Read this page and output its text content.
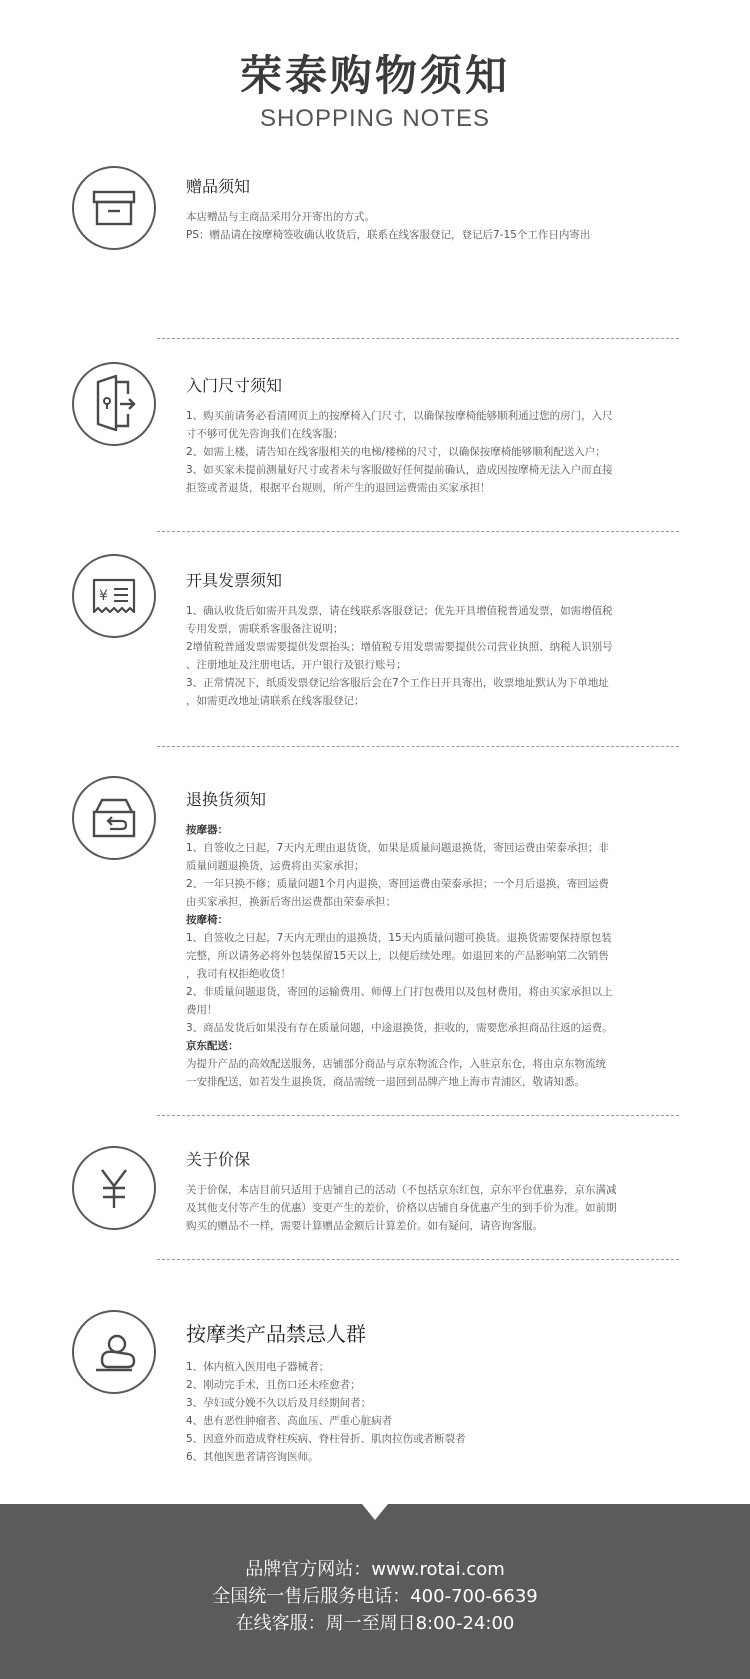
荣泰购物须知
SHOPPING NOTES
赠品须知
本店赠品与主商品采用分开寄出的方式。
PS：赠品请在按摩椅签收确认收货后，联系在线客服登记，登记后7-15个工作日内寄出
入门尺寸须知
1、购买前请务必看清网页上的按摩椅入门尺寸，以确保按摩椅能够顺利通过您的房门，入尺
寸不够可优先咨询我们在线客服；
2、如需上楼，请告知在线客服相关的电梯/楼梯的尺寸，以确保按摩椅能够顺利配送入户；
3、如买家未提前测量好尺寸或者未与客服做好任何提前确认，造成因按摩椅无法入户而直接
拒签或者退货，根据平台规则，所产生的退回运费需由买家承担！
¥
开具发票须知
1、确认收货后如需开具发票，请在线联系客服登记；优先开具增值税普通发票，如需增值税
专用发票，需联系客服备注说明；
2增值税普通发票需要提供发票抬头；增值税专用发票需要提供公司营业执照、纳税人识别号
、注册地址及注册电话、开户银行及银行账号；
3、正常情况下，纸质发票登记给客服后会在7个工作日开具寄出，收票地址默认为下单地址
，如需更改地址请联系在线客服登记；
退换货须知
按摩器：
1、自签收之日起，7天内无理由退货货，如果是质量问题退换货，寄回运费由荣泰承担；非
质量问题退换货，运费将由买家承担；
2、一年只换不修；质量问题1个月内退换，寄回运费由荣泰承担；一个月后退换，寄回运费
由买家承担，换新后寄出运费都由荣泰承担；
按摩椅：
1、自签收之日起，7天内无理由的退换货，15天内质量问题可换货。退换货需要保持原包装
完整，所以请务必将外包装保留15天以上，以便后续处理。如退回来的产品影响第二次销售
，我司有权拒绝收货！
2、非质量问题退货，寄回的运输费用、师傅上门打包费用以及包材费用，将由买家承担以上
费用！
3、商品发货后如果没有存在质量问题，中途退换货，拒收的，需要您承担商品往返的运费。
京东配送：
为提升产品的高效配送服务，店铺部分商品与京东物流合作，入驻京东仓，将由京东物流统
一安排配送，如若发生退换货，商品需统一退回到品牌产地上海市青浦区，敬请知悉。
关于价保
关于价保，本店目前只适用于店铺自己的活动（不包括京东红包，京东平台优惠券，京东满减
及其他支付等产生的优惠）变更产生的差价，价格以店铺自身优惠产生的到手价为准。如前期
购买的赠品不一样，需要计算赠品金额后计算差价。如有疑问，请咨询客服。
按摩类产品禁忌人群
1、体内植入医用电子器械者；
2、刚动完手术，且伤口还未痊愈者；
3、孕妇或分娩不久以后及月经期间者；
4、患有恶性肿瘤者、高血压、严重心脏病者
5、因意外而造成脊柱疾病、脊柱骨折、肌肉拉伤或者断裂者
6、其他医患者请咨询医师。
品牌官方网站：www.rotai.com
全国统一售后服务电话：400-700-6639
在线客服：周一至周日8:00-24:00
